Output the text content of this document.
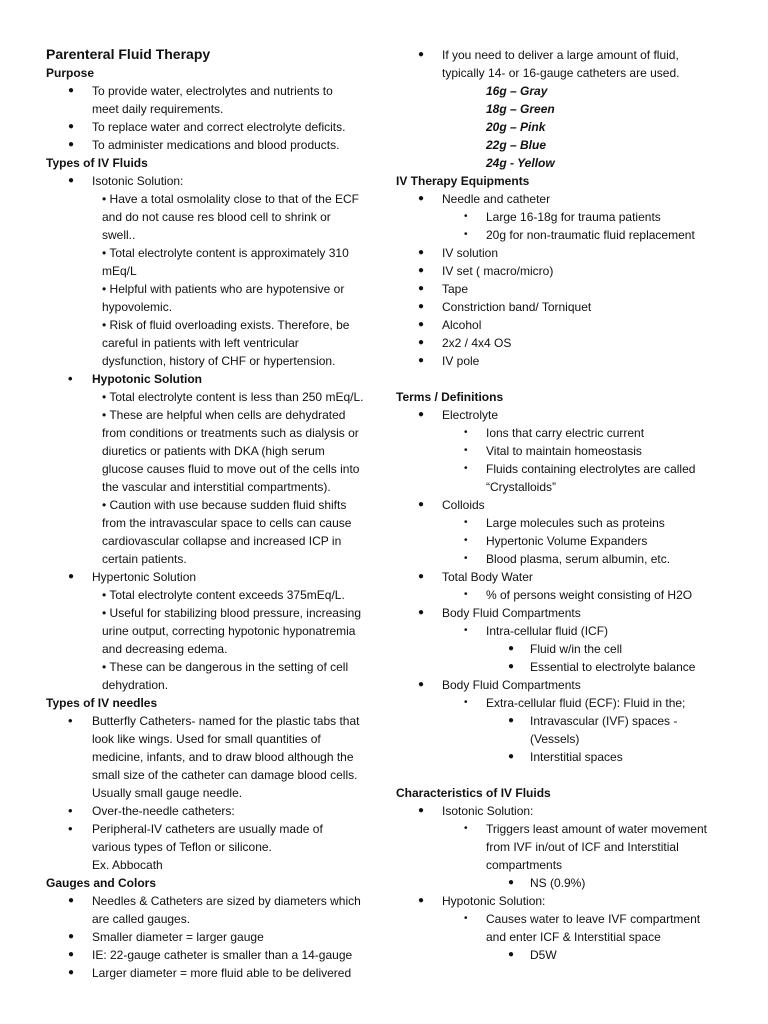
Parenteral Fluid Therapy
Purpose
● To provide water, electrolytes and nutrients to
meet daily requirements.
● To replace water and correct electrolyte deficits.
● To administer medications and blood products.
Types of IV Fluids
● Isotonic Solution:
• Have a total osmolality close to that of the ECF
and do not cause res blood cell to shrink or
swell..
• Total electrolyte content is approximately 310
mEq/L
• Helpful with patients who are hypotensive or
hypovolemic.
• Risk of fluid overloading exists. Therefore, be
careful in patients with left ventricular
dysfunction, history of CHF or hypertension.
• Hypotonic Solution
• Total electrolyte content is less than 250 mEq/L.
• These are helpful when cells are dehydrated
from conditions or treatments such as dialysis or
diuretics or patients with DKA (high serum
glucose causes fluid to move out of the cells into
the vascular and interstitial compartments).
• Caution with use because sudden fluid shifts
from the intravascular space to cells can cause
cardiovascular collapse and increased ICP in
certain patients.
● Hypertonic Solution
• Total electrolyte content exceeds 375mEq/L.
• Useful for stabilizing blood pressure, increasing
urine output, correcting hypotonic hyponatremia
and decreasing edema.
• These can be dangerous in the setting of cell
dehydration.
Types of IV needles
• Butterfly Catheters- named for the plastic tabs that
look like wings. Used for small quantities of
medicine, infants, and to draw blood although the
small size of the catheter can damage blood cells.
Usually small gauge needle.
• Over-the-needle catheters:
• Peripheral-IV catheters are usually made of
various types of Teflon or silicone.
Ex. Abbocath
Gauges and Colors
● Needles & Catheters are sized by diameters which
are called gauges.
● Smaller diameter = larger gauge
● IE: 22-gauge catheter is smaller than a 14-gauge
● Larger diameter = more fluid able to be delivered
● If you need to deliver a large amount of fluid,
typically 14- or 16-gauge catheters are used.
16g – Gray
18g – Green
20g – Pink
22g – Blue
24g - Yellow
IV Therapy Equipments
● Needle and catheter
• Large 16-18g for trauma patients
• 20g for non-traumatic fluid replacement
● IV solution
● IV set ( macro/micro)
● Tape
● Constriction band/ Torniquet
● Alcohol
● 2x2 / 4x4 OS
● IV pole
Terms / Definitions
● Electrolyte
• Ions that carry electric current
• Vital to maintain homeostasis
• Fluids containing electrolytes are called
“Crystalloids”
● Colloids
• Large molecules such as proteins
• Hypertonic Volume Expanders
• Blood plasma, serum albumin, etc.
● Total Body Water
• % of persons weight consisting of H2O
● Body Fluid Compartments
• Intra-cellular fluid (ICF)
● Fluid w/in the cell
● Essential to electrolyte balance
● Body Fluid Compartments
• Extra-cellular fluid (ECF): Fluid in the;
● Intravascular (IVF) spaces -
(Vessels)
● Interstitial spaces
Characteristics of IV Fluids
● Isotonic Solution:
• Triggers least amount of water movement
from IVF in/out of ICF and Interstitial
compartments
● NS (0.9%)
● Hypotonic Solution:
• Causes water to leave IVF compartment
and enter ICF & Interstitial space
● D5W
